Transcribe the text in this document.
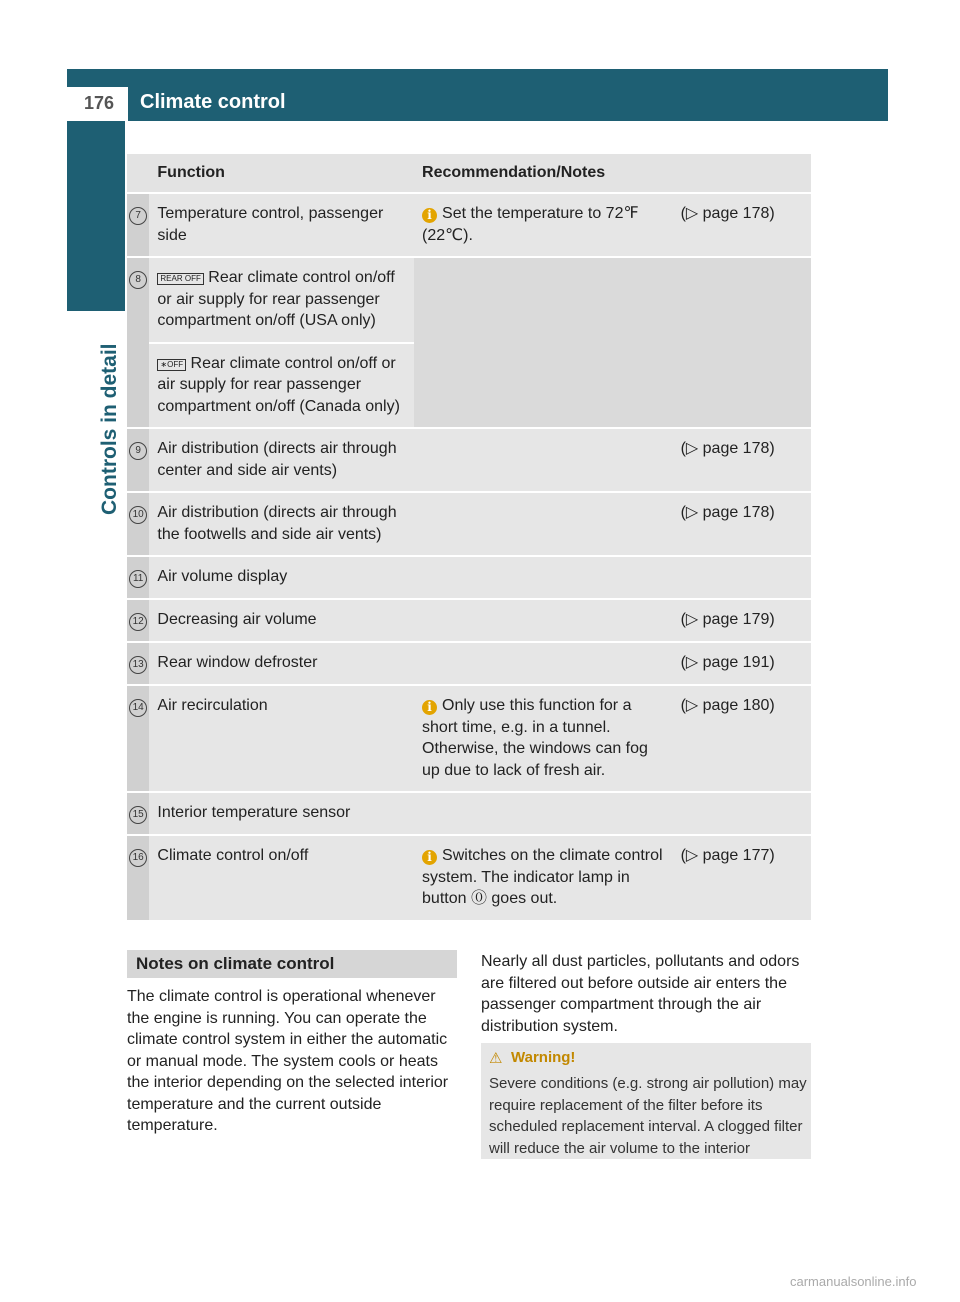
176 Climate control
Controls in detail
	Function	Recommendation/Notes	
7	Temperature control, passenger side	i Set the temperature to 72℉ (22℃).	(▷ page 178)
8	REAR OFF Rear climate control on/off or air supply for rear passenger compartment on/off (USA only)		
	∗OFF Rear climate control on/off or air supply for rear passenger compartment on/off (Canada only)		
9	Air distribution (directs air through center and side air vents)		(▷ page 178)
10	Air distribution (directs air through the footwells and side air vents)		(▷ page 178)
11	Air volume display		
12	Decreasing air volume		(▷ page 179)
13	Rear window defroster		(▷ page 191)
14	Air recirculation	i Only use this function for a short time, e.g. in a tunnel. Otherwise, the windows can fog up due to lack of fresh air.	(▷ page 180)
15	Interior temperature sensor		
16	Climate control on/off	i Switches on the climate control system. The indicator lamp in button ⓪ goes out.	(▷ page 177)
Notes on climate control
The climate control is operational whenever the engine is running. You can operate the climate control system in either the automatic or manual mode. The system cools or heats the interior depending on the selected interior temperature and the current outside temperature.
Nearly all dust particles, pollutants and odors are filtered out before outside air enters the passenger compartment through the air distribution system.
⚠ Warning!
Severe conditions (e.g. strong air pollution) may require replacement of the filter before its scheduled replacement interval. A clogged filter will reduce the air volume to the interior
carmanualsonline.info
